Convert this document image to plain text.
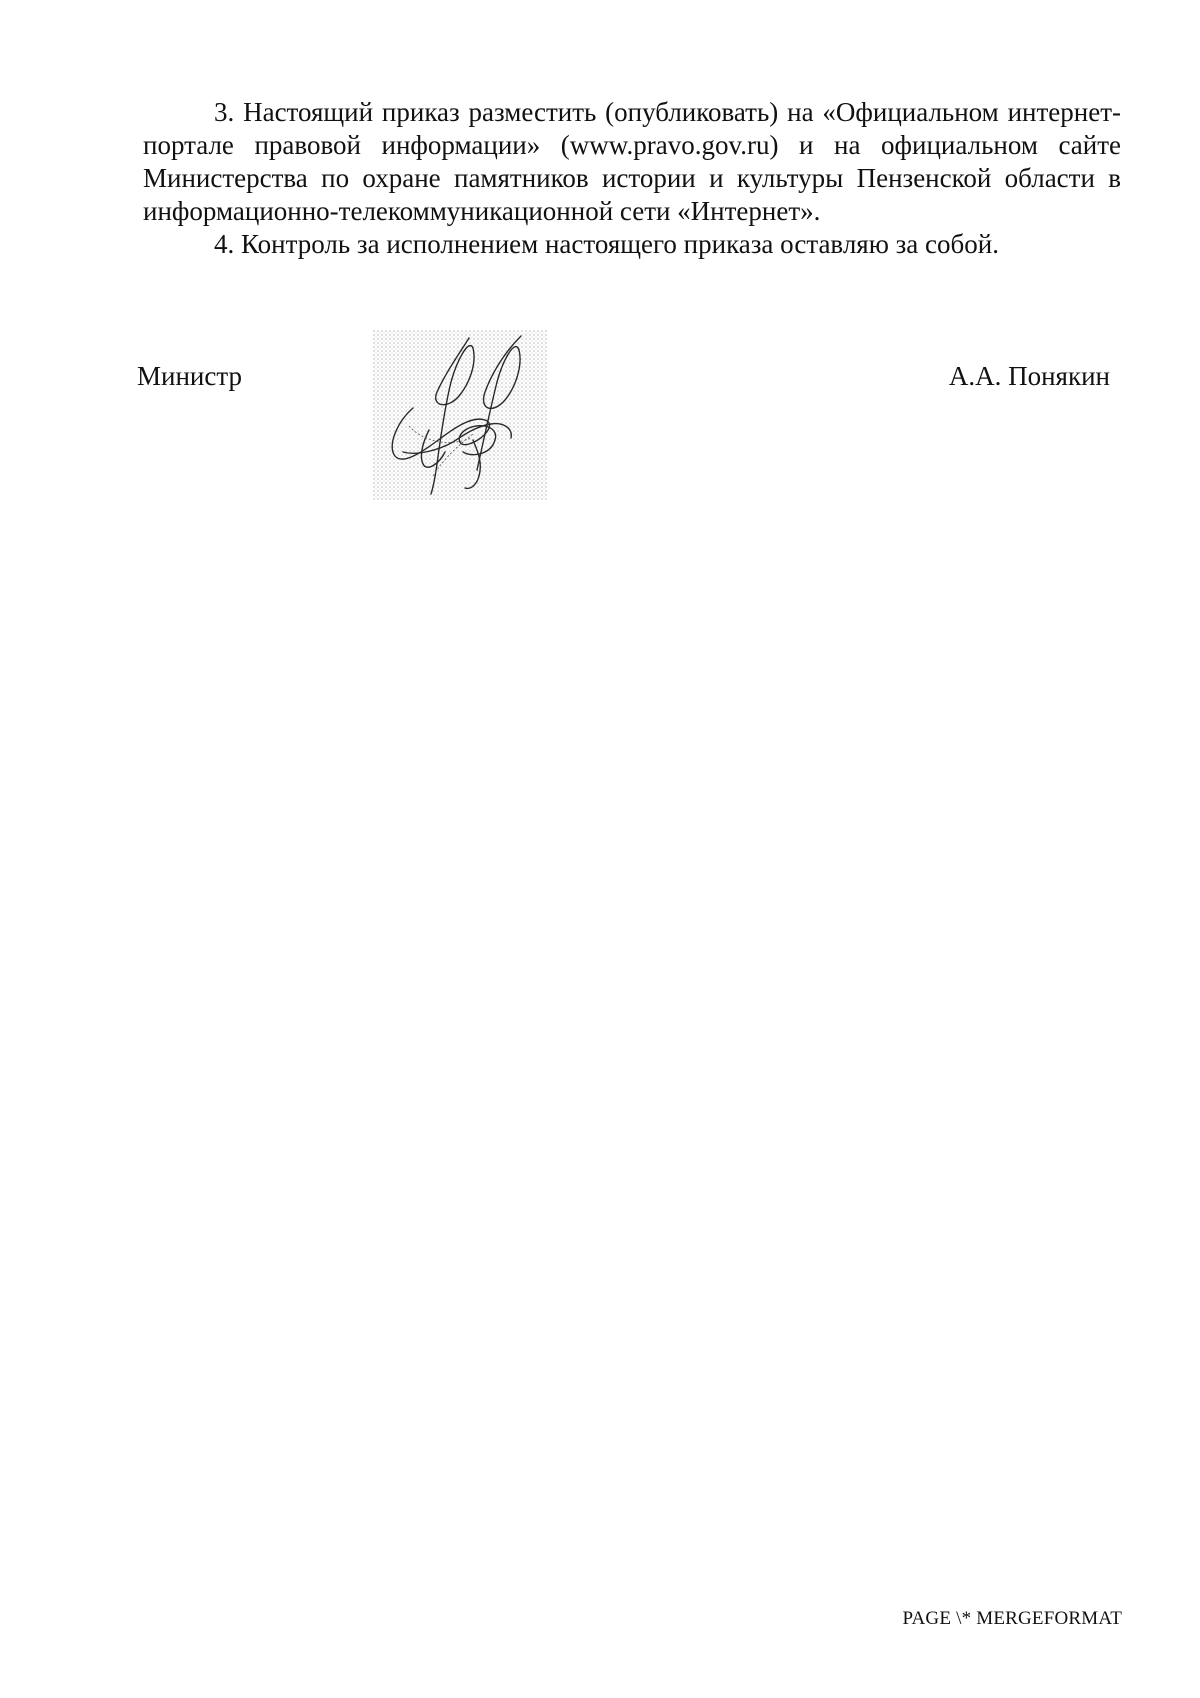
3. Настоящий приказ разместить (опубликовать) на «Официальном интернет-портале правовой информации» (www.pravo.gov.ru) и на официальном сайте Министерства по охране памятников истории и культуры Пензенской области в информационно-телекоммуникационной сети «Интернет».

4. Контроль за исполнением настоящего приказа оставляю за собой.

Министр	А.А. Понякин
PAGE \* MERGEFORMAT
